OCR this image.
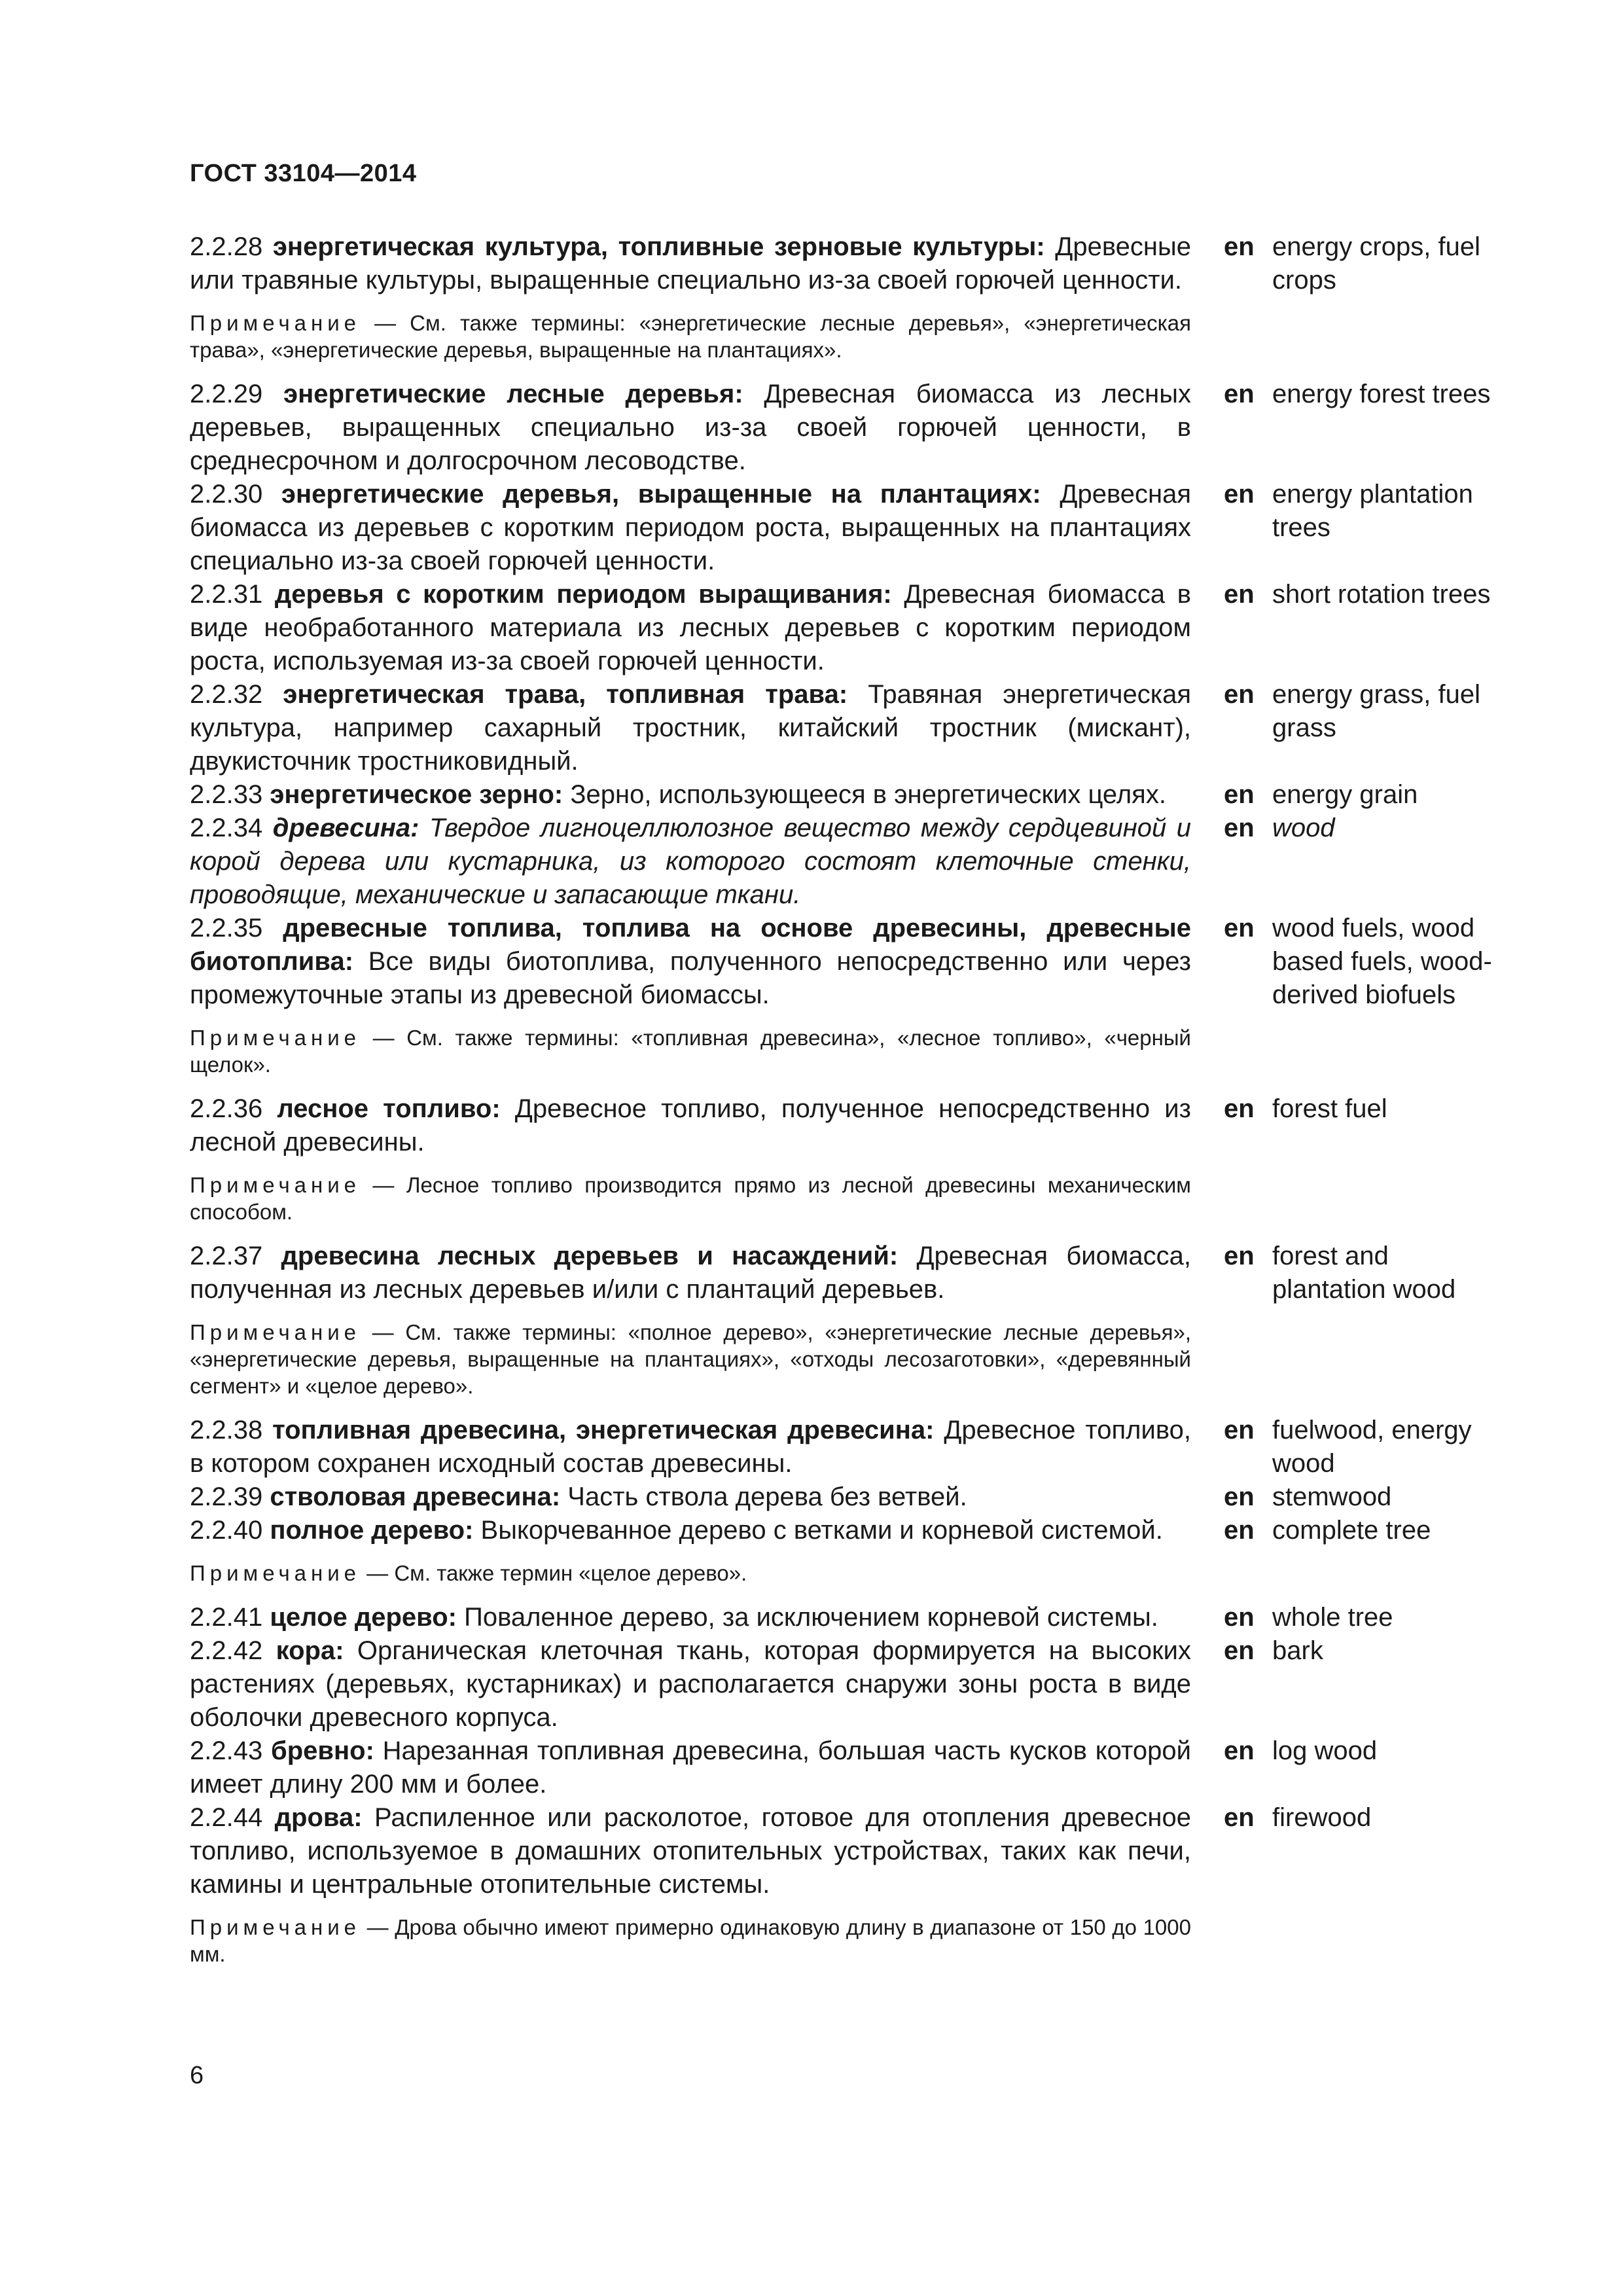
ГОСТ 33104—2014
2.2.28 энергетическая культура, топливные зерновые культуры: Древесные или травяные культуры, выращенные специально из-за своей горючей ценности.
en energy crops, fuel crops
Примечание — См. также термины: «энергетические лесные деревья», «энергетическая трава», «энергетические деревья, выращенные на плантациях».
2.2.29 энергетические лесные деревья: Древесная биомасса из лесных деревьев, выращенных специально из-за своей горючей ценности, в среднесрочном и долгосрочном лесоводстве.
en energy forest trees
2.2.30 энергетические деревья, выращенные на плантациях: Древесная биомасса из деревьев с коротким периодом роста, выращенных на плантациях специально из-за своей горючей ценности.
en energy plantation trees
2.2.31 деревья с коротким периодом выращивания: Древесная биомасса в виде необработанного материала из лесных деревьев с коротким периодом роста, используемая из-за своей горючей ценности.
en short rotation trees
2.2.32 энергетическая трава, топливная трава: Травяная энергетическая культура, например сахарный тростник, китайский тростник (мискант), двукисточник тростниковидный.
en energy grass, fuel grass
2.2.33 энергетическое зерно: Зерно, использующееся в энергетических целях.	en energy grain
2.2.34 древесина: Твердое лигноцеллюлозное вещество между сердцевиной и корой дерева или кустарника, из которого состоят клеточные стенки, проводящие, механические и запасающие ткани.
en wood
2.2.35 древесные топлива, топлива на основе древесины, древесные биотоплива: Все виды биотоплива, полученного непосредственно или через промежуточные этапы из древесной биомассы.
en wood fuels, wood based fuels, wood-derived biofuels
Примечание — См. также термины: «топливная древесина», «лесное топливо», «черный щелок».
2.2.36 лесное топливо: Древесное топливо, полученное непосредственно из лесной древесины.
en forest fuel
Примечание — Лесное топливо производится прямо из лесной древесины механическим способом.
2.2.37 древесина лесных деревьев и насаждений: Древесная биомасса, полученная из лесных деревьев и/или с плантаций деревьев.
en forest and plantation wood
Примечание — См. также термины: «полное дерево», «энергетические лесные деревья», «энергетические деревья, выращенные на плантациях», «отходы лесозаготовки», «деревянный сегмент» и «целое дерево».
2.2.38 топливная древесина, энергетическая древесина: Древесное топливо, в котором сохранен исходный состав древесины.
en fuelwood, energy wood
2.2.39 стволовая древесина: Часть ствола дерева без ветвей.	en stemwood
2.2.40 полное дерево: Выкорчеванное дерево с ветками и корневой системой.	en complete tree
Примечание — См. также термин «целое дерево».
2.2.41 целое дерево: Поваленное дерево, за исключением корневой системы.	en whole tree
2.2.42 кора: Органическая клеточная ткань, которая формируется на высоких растениях (деревьях, кустарниках) и располагается снаружи зоны роста в виде оболочки древесного корпуса.
en bark
2.2.43 бревно: Нарезанная топливная древесина, большая часть кусков которой имеет длину 200 мм и более.
en log wood
2.2.44 дрова: Распиленное или расколотое, готовое для отопления древесное топливо, используемое в домашних отопительных устройствах, таких как печи, камины и центральные отопительные системы.
en firewood
Примечание — Дрова обычно имеют примерно одинаковую длину в диапазоне от 150 до 1000 мм.
6
